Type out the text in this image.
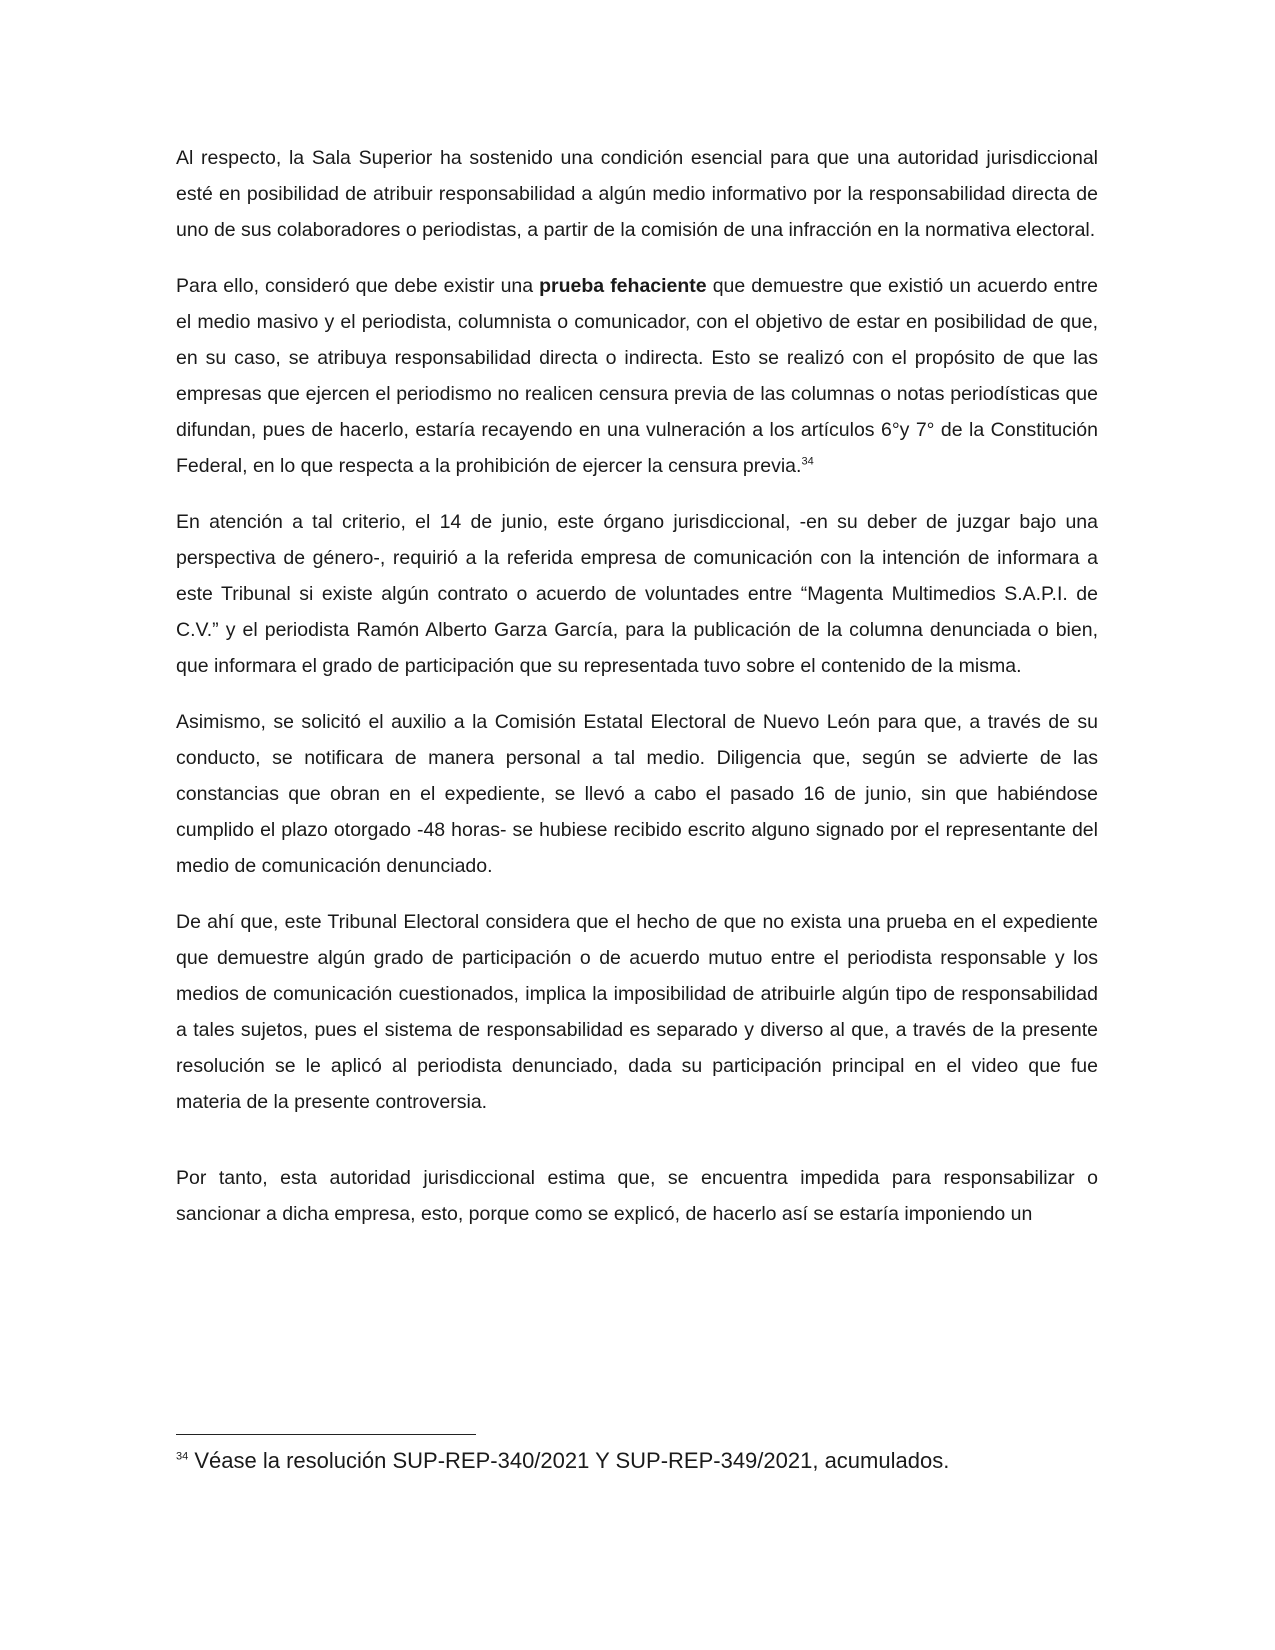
Al respecto, la Sala Superior ha sostenido una condición esencial para que una autoridad jurisdiccional esté en posibilidad de atribuir responsabilidad a algún medio informativo por la responsabilidad directa de uno de sus colaboradores o periodistas, a partir de la comisión de una infracción en la normativa electoral.

Para ello, consideró que debe existir una prueba fehaciente que demuestre que existió un acuerdo entre el medio masivo y el periodista, columnista o comunicador, con el objetivo de estar en posibilidad de que, en su caso, se atribuya responsabilidad directa o indirecta. Esto se realizó con el propósito de que las empresas que ejercen el periodismo no realicen censura previa de las columnas o notas periodísticas que difundan, pues de hacerlo, estaría recayendo en una vulneración a los artículos 6°y 7° de la Constitución Federal, en lo que respecta a la prohibición de ejercer la censura previa.$^{34}$

En atención a tal criterio, el 14 de junio, este órgano jurisdiccional, -en su deber de juzgar bajo una perspectiva de género-, requirió a la referida empresa de comunicación con la intención de informara a este Tribunal si existe algún contrato o acuerdo de voluntades entre “Magenta Multimedios S.A.P.I. de C.V.” y el periodista Ramón Alberto Garza García, para la publicación de la columna denunciada o bien, que informara el grado de participación que su representada tuvo sobre el contenido de la misma.

Asimismo, se solicitó el auxilio a la Comisión Estatal Electoral de Nuevo León para que, a través de su conducto, se notificara de manera personal a tal medio. Diligencia que, según se advierte de las constancias que obran en el expediente, se llevó a cabo el pasado 16 de junio, sin que habiéndose cumplido el plazo otorgado -48 horas- se hubiese recibido escrito alguno signado por el representante del medio de comunicación denunciado.

De ahí que, este Tribunal Electoral considera que el hecho de que no exista una prueba en el expediente que demuestre algún grado de participación o de acuerdo mutuo entre el periodista responsable y los medios de comunicación cuestionados, implica la imposibilidad de atribuirle algún tipo de responsabilidad a tales sujetos, pues el sistema de responsabilidad es separado y diverso al que, a través de la presente resolución se le aplicó al periodista denunciado, dada su participación principal en el video que fue materia de la presente controversia.

Por tanto, esta autoridad jurisdiccional estima que, se encuentra impedida para responsabilizar o sancionar a dicha empresa, esto, porque como se explicó, de hacerlo así se estaría imponiendo un

$^{34}$ Véase la resolución SUP-REP-340/2021 Y SUP-REP-349/2021, acumulados.
